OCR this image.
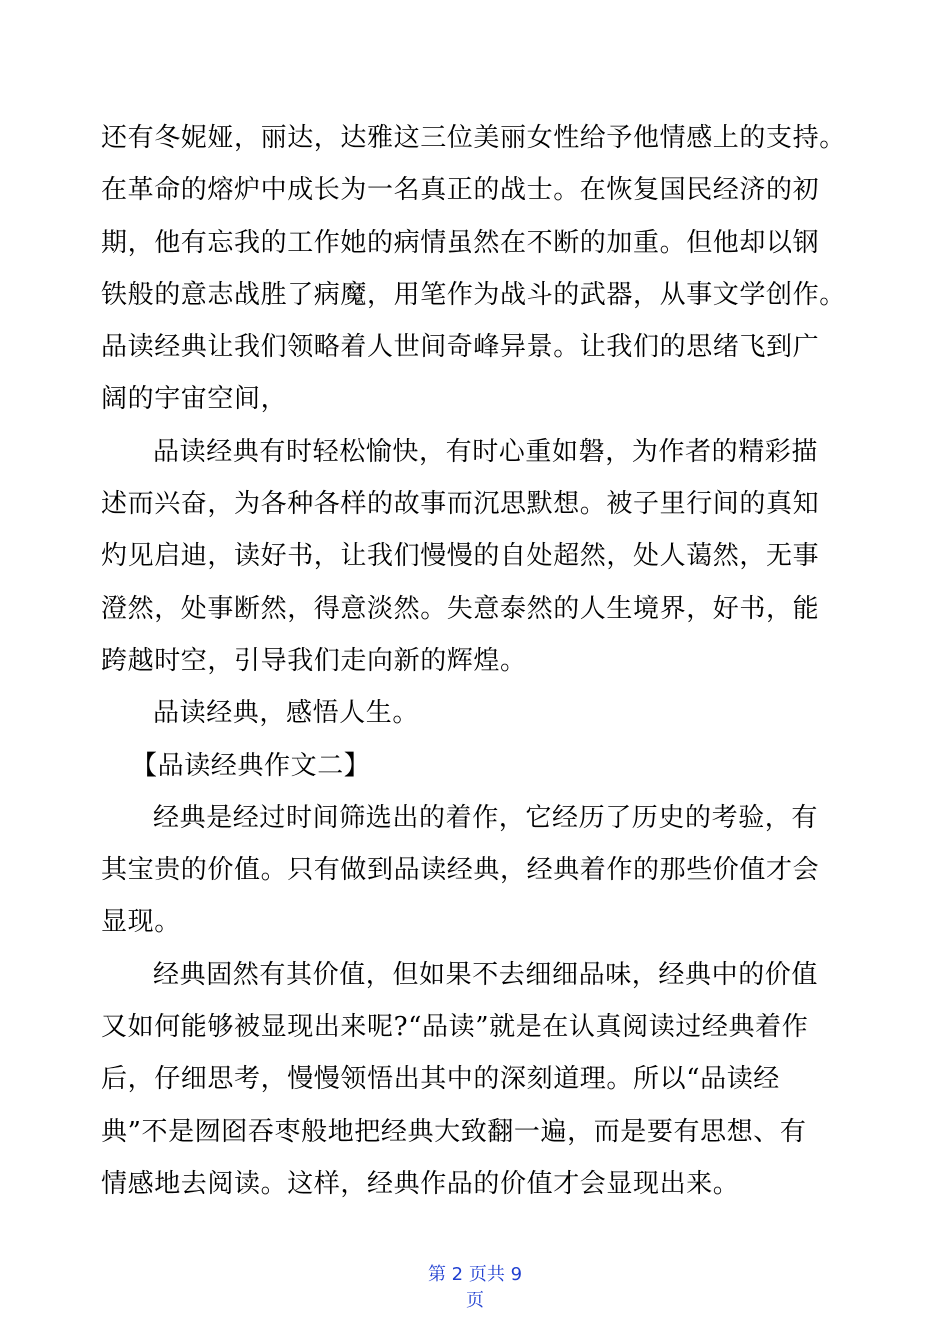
还有冬妮娅，丽达，达雅这三位美丽女性给予他情感上的支持。
在革命的熔炉中成长为一名真正的战士。在恢复国民经济的初
期，他有忘我的工作她的病情虽然在不断的加重。但他却以钢
铁般的意志战胜了病魔，用笔作为战斗的武器，从事文学创作。
品读经典让我们领略着人世间奇峰异景。让我们的思绪飞到广
阔的宇宙空间，
品读经典有时轻松愉快，有时心重如磐，为作者的精彩描
述而兴奋，为各种各样的故事而沉思默想。被子里行间的真知
灼见启迪，读好书，让我们慢慢的自处超然，处人蔼然，无事
澄然，处事断然，得意淡然。失意泰然的人生境界，好书，能
跨越时空，引导我们走向新的辉煌。
品读经典，感悟人生。
【品读经典作文二】
经典是经过时间筛选出的着作，它经历了历史的考验，有
其宝贵的价值。只有做到品读经典，经典着作的那些价值才会
显现。
经典固然有其价值，但如果不去细细品味，经典中的价值
又如何能够被显现出来呢?“品读”就是在认真阅读过经典着作
后，仔细思考，慢慢领悟出其中的深刻道理。所以“品读经
典”不是囫囵吞枣般地把经典大致翻一遍，而是要有思想、有
情感地去阅读。这样，经典作品的价值才会显现出来。
第 2 页共 9
页
